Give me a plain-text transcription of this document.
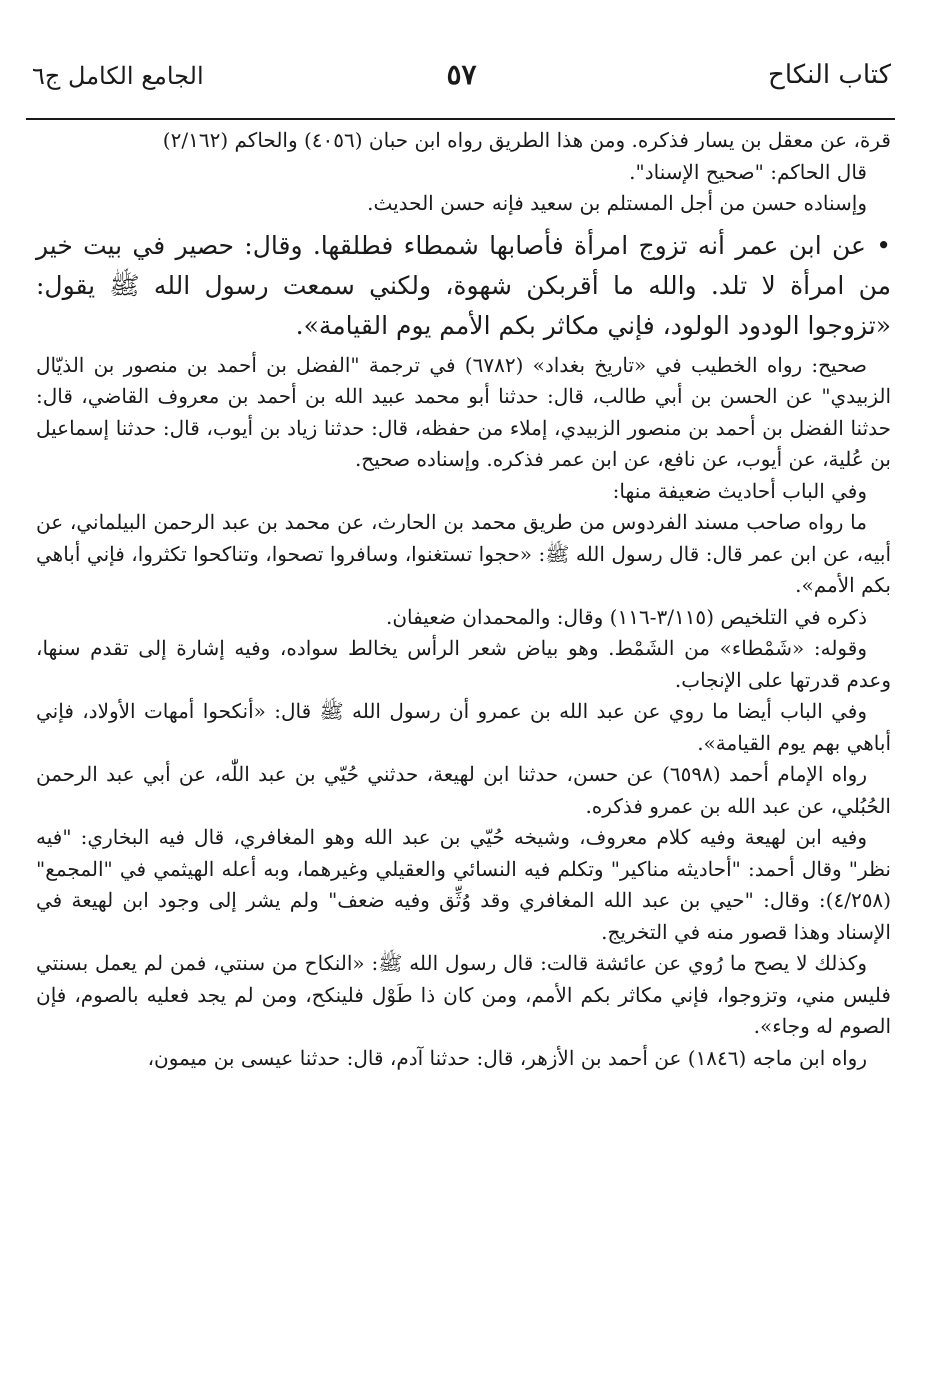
كتاب النكاح
٥٧
الجامع الكامل ج٦

قرة، عن معقل بن يسار فذكره. ومن هذا الطريق رواه ابن حبان (٤٠٥٦) والحاكم (٢/١٦٢)

قال الحاكم: "صحيح الإسناد".

وإسناده حسن من أجل المستلم بن سعيد فإنه حسن الحديث.

• عن ابن عمر أنه تزوج امرأة فأصابها شمطاء فطلقها. وقال: حصير في بيت خير من امرأة لا تلد. والله ما أقربكن شهوة، ولكني سمعت رسول الله ﷺ يقول: «تزوجوا الودود الولود، فإني مكاثر بكم الأمم يوم القيامة».

صحيح: رواه الخطيب في «تاريخ بغداد» (٦٧٨٢) في ترجمة "الفضل بن أحمد بن منصور بن الذيّال الزبيدي" عن الحسن بن أبي طالب، قال: حدثنا أبو محمد عبيد الله بن أحمد بن معروف القاضي، قال: حدثنا الفضل بن أحمد بن منصور الزبيدي، إملاء من حفظه، قال: حدثنا زياد بن أيوب، قال: حدثنا إسماعيل بن عُلية، عن أيوب، عن نافع، عن ابن عمر فذكره. وإسناده صحيح.

وفي الباب أحاديث ضعيفة منها:

ما رواه صاحب مسند الفردوس من طريق محمد بن الحارث، عن محمد بن عبد الرحمن البيلماني، عن أبيه، عن ابن عمر قال: قال رسول الله ﷺ: «حجوا تستغنوا، وسافروا تصحوا، وتناكحوا تكثروا، فإني أباهي بكم الأمم».

ذكره في التلخيص (٣/١١٥-١١٦) وقال: والمحمدان ضعيفان.

وقوله: «شَمْطاء» من الشَمْط. وهو بياض شعر الرأس يخالط سواده، وفيه إشارة إلى تقدم سنها، وعدم قدرتها على الإنجاب.

وفي الباب أيضا ما روي عن عبد الله بن عمرو أن رسول الله ﷺ قال: «أنكحوا أمهات الأولاد، فإني أباهي بهم يوم القيامة».

رواه الإمام أحمد (٦٥٩٨) عن حسن، حدثنا ابن لهيعة، حدثني حُيّي بن عبد اللّٰه، عن أبي عبد الرحمن الحُبُلي، عن عبد الله بن عمرو فذكره.

وفيه ابن لهيعة وفيه كلام معروف، وشيخه حُيّي بن عبد الله وهو المغافري، قال فيه البخاري: "فيه نظر" وقال أحمد: "أحاديثه مناكير" وتكلم فيه النسائي والعقيلي وغيرهما، وبه أعله الهيثمي في "المجمع" (٤/٢٥٨): وقال: "حيي بن عبد الله المغافري وقد وُثِّق وفيه ضعف" ولم يشر إلى وجود ابن لهيعة في الإسناد وهذا قصور منه في التخريج.

وكذلك لا يصح ما رُوي عن عائشة قالت: قال رسول الله ﷺ: «النكاح من سنتي، فمن لم يعمل بسنتي فليس مني، وتزوجوا، فإني مكاثر بكم الأمم، ومن كان ذا طَوْل فلينكح، ومن لم يجد فعليه بالصوم، فإن الصوم له وجاء».

رواه ابن ماجه (١٨٤٦) عن أحمد بن الأزهر، قال: حدثنا آدم، قال: حدثنا عيسى بن ميمون،
